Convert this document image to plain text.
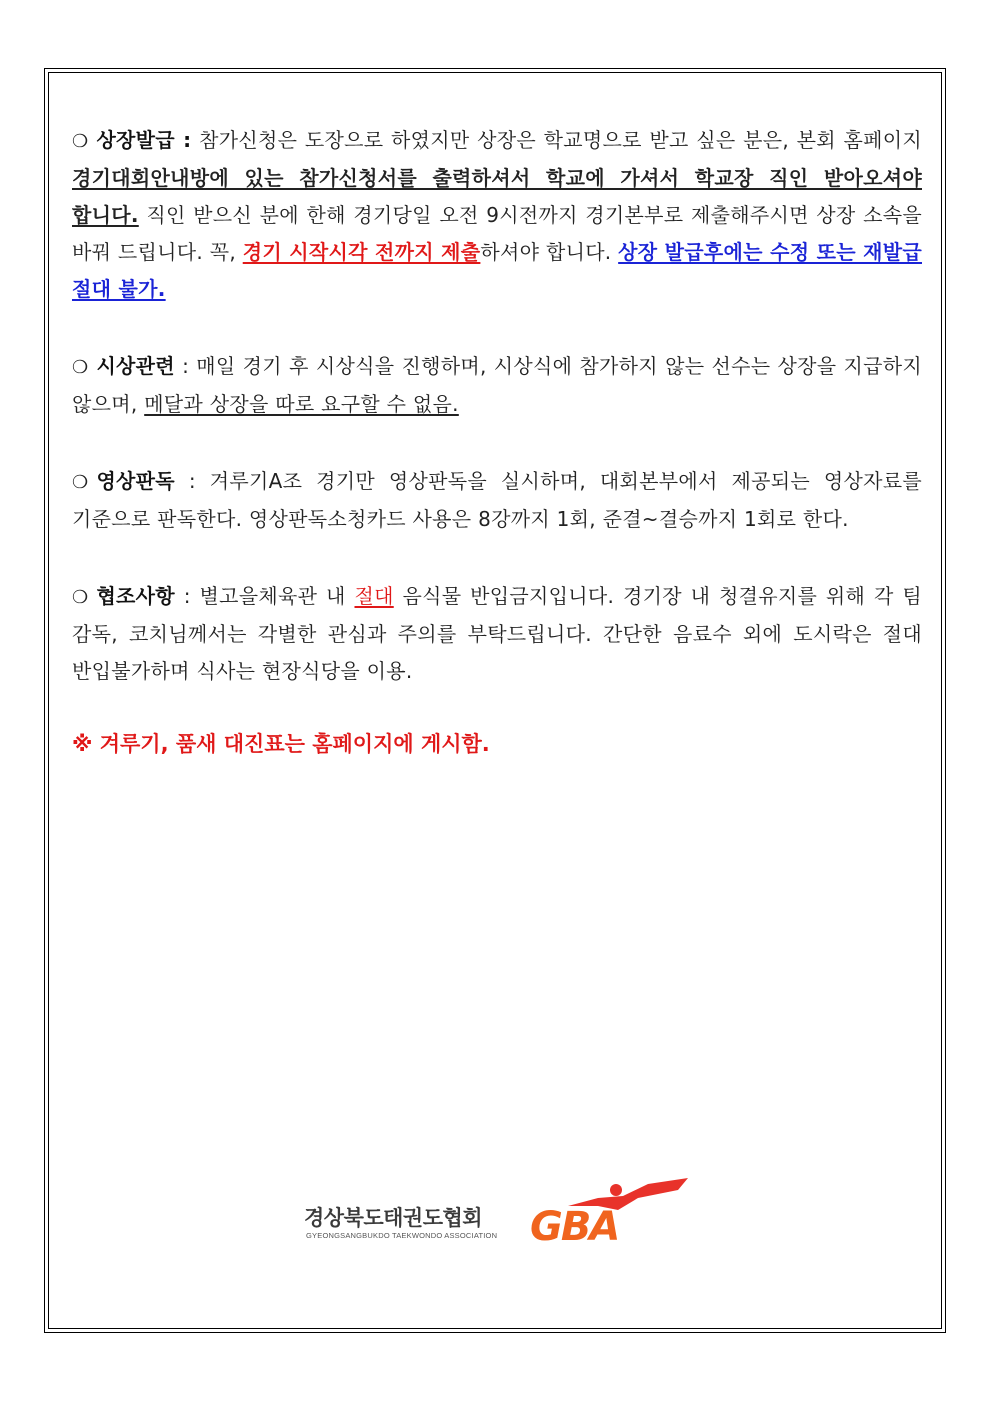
❍ 상장발급 : 참가신청은 도장으로 하였지만 상장은 학교명으로 받고 싶은 분은, 본회 홈페이지 경기대회안내방에 있는 참가신청서를 출력하셔서 학교에 가셔서 학교장 직인 받아오셔야 합니다. 직인 받으신 분에 한해 경기당일 오전 9시전까지 경기본부로 제출해주시면 상장 소속을 바꿔 드립니다. 꼭, 경기 시작시각 전까지 제출하셔야 합니다. 상장 발급후에는 수정 또는 재발급 절대 불가.

❍ 시상관련 : 매일 경기 후 시상식을 진행하며, 시상식에 참가하지 않는 선수는 상장을 지급하지 않으며, 메달과 상장을 따로 요구할 수 없음.

❍ 영상판독 : 겨루기A조 경기만 영상판독을 실시하며, 대회본부에서 제공되는 영상자료를 기준으로 판독한다. 영상판독소청카드 사용은 8강까지 1회, 준결~결승까지 1회로 한다.

❍ 협조사항 : 별고을체육관 내 절대 음식물 반입금지입니다. 경기장 내 청결유지를 위해 각 팀 감독, 코치님께서는 각별한 관심과 주의를 부탁드립니다. 간단한 음료수 외에 도시락은 절대 반입불가하며 식사는 현장식당을 이용.

※ 겨루기, 품새 대진표는 홈페이지에 게시함.
경상북도태권도협회
GYEONGSANGBUKDO TAEKWONDO ASSOCIATION GBA
